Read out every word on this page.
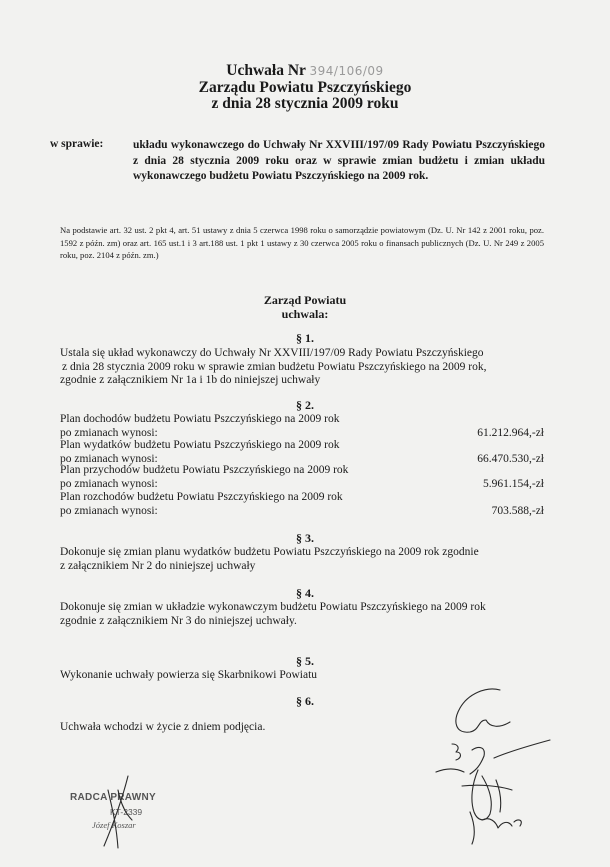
Uchwała Nr 394/106/09
Zarządu Powiatu Pszczyńskiego
z dnia 28 stycznia 2009 roku
w sprawie:	układu wykonawczego do Uchwały Nr XXVIII/197/09 Rady Powiatu Pszczyńskiego z dnia 28 stycznia 2009 roku oraz w sprawie zmian budżetu i zmian układu wykonawczego budżetu Powiatu Pszczyńskiego na 2009 rok.
Na podstawie art. 32 ust. 2 pkt 4, art. 51 ustawy z dnia 5 czerwca 1998 roku o samorządzie powiatowym (Dz. U. Nr 142 z 2001 roku, poz. 1592 z późn. zm) oraz art. 165 ust.1 i 3 art.188 ust. 1 pkt 1 ustawy z 30 czerwca 2005 roku o finansach publicznych (Dz. U. Nr 249 z 2005 roku, poz. 2104 z późn. zm.)
Zarząd Powiatu
uchwala:
§ 1.
Ustala się układ wykonawczy do Uchwały Nr XXVIII/197/09 Rady Powiatu Pszczyńskiego
z dnia 28 stycznia 2009 roku w sprawie zmian budżetu Powiatu Pszczyńskiego na 2009 rok,
zgodnie z załącznikiem Nr 1a i 1b do niniejszej uchwały
§ 2.
Plan dochodów budżetu Powiatu Pszczyńskiego na 2009 rok
po zmianach wynosi:	61.212.964,-zł
Plan wydatków budżetu Powiatu Pszczyńskiego na 2009 rok
po zmianach wynosi:	66.470.530,-zł
Plan przychodów budżetu Powiatu Pszczyńskiego na 2009 rok
po zmianach wynosi:	5.961.154,-zł
Plan rozchodów budżetu Powiatu Pszczyńskiego na 2009 rok
po zmianach wynosi:	703.588,-zł
§ 3.
Dokonuje się zmian planu wydatków budżetu Powiatu Pszczyńskiego na 2009 rok zgodnie
z załącznikiem Nr 2 do niniejszej uchwały
§ 4.
Dokonuje się zmian w układzie wykonawczym budżetu Powiatu Pszczyńskiego na 2009 rok
zgodnie z załącznikiem Nr 3 do niniejszej uchwały.
§ 5.
Wykonanie uchwały powierza się Skarbnikowi Powiatu
§ 6.
Uchwała wchodzi w życie z dniem podjęcia.
RADCA PRAWNY
KT-2339
Józef Koszar
